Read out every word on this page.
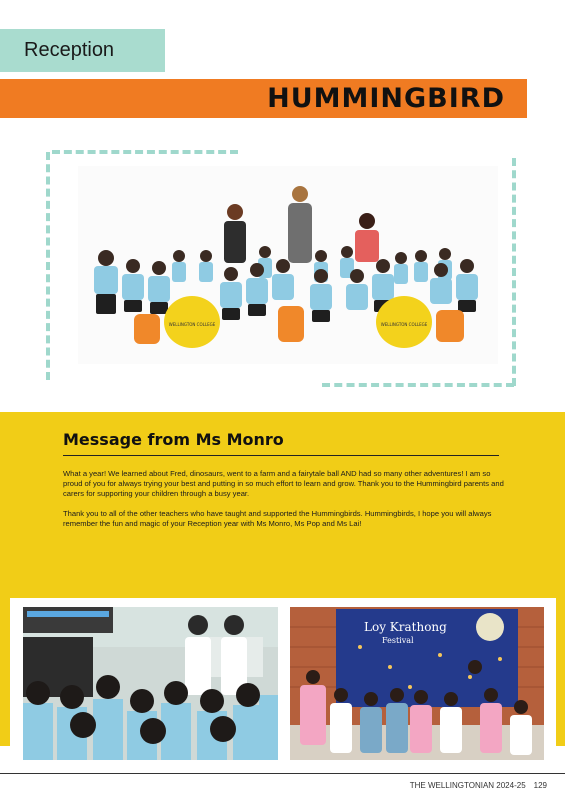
Reception
HUMMINGBIRD
WELLINGTON COLLEGE	WELLINGTON COLLEGE
Message from Ms Monro

What a year! We learned about Fred, dinosaurs, went to a farm and a fairytale ball AND had so many other adventures! I am so proud of you for always trying your best and putting in so much effort to learn and grow. Thank you to the Hummingbird parents and carers for supporting your children through a busy year.

Thank you to all of the other teachers who have taught and supported the Hummingbirds. Hummingbirds, I hope you will always remember the fun and magic of your Reception year with Ms Monro, Ms Pop and Ms Lai!

Loy Krathong
Festival
THE WELLINGTONIAN 2024-25 129
